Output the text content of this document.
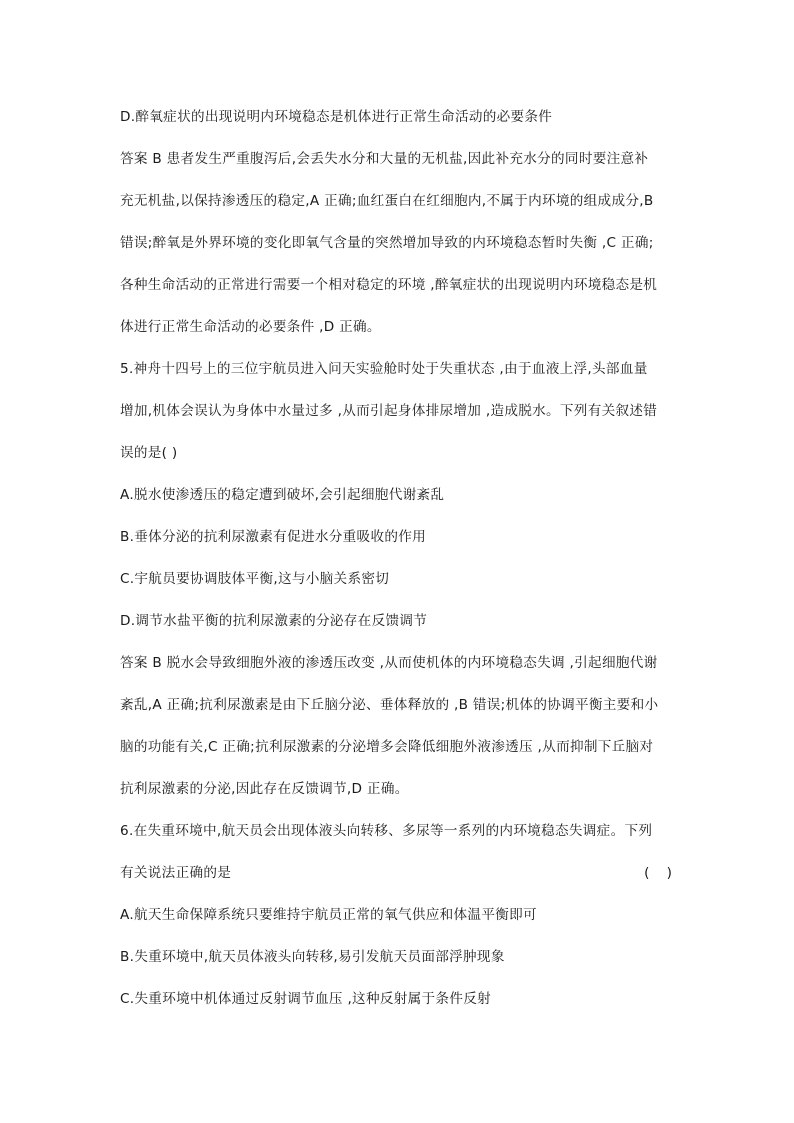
D.醉氧症状的出现说明内环境稳态是机体进行正常生命活动的必要条件
答案 B 患者发生严重腹泻后,会丢失水分和大量的无机盐,因此补充水分的同时要注意补
充无机盐,以保持渗透压的稳定,A 正确;血红蛋白在红细胞内,不属于内环境的组成成分,B
错误;醉氧是外界环境的变化即氧气含量的突然增加导致的内环境稳态暂时失衡 ,C 正确;
各种生命活动的正常进行需要一个相对稳定的环境 ,醉氧症状的出现说明内环境稳态是机
体进行正常生命活动的必要条件 ,D 正确。
5.神舟十四号上的三位宇航员进入问天实验舱时处于失重状态 ,由于血液上浮,头部血量
增加,机体会误认为身体中水量过多 ,从而引起身体排尿增加 ,造成脱水。下列有关叙述错
误的是( )
A.脱水使渗透压的稳定遭到破坏,会引起细胞代谢紊乱
B.垂体分泌的抗利尿激素有促进水分重吸收的作用
C.宇航员要协调肢体平衡,这与小脑关系密切
D.调节水盐平衡的抗利尿激素的分泌存在反馈调节
答案 B 脱水会导致细胞外液的渗透压改变 ,从而使机体的内环境稳态失调 ,引起细胞代谢
紊乱,A 正确;抗利尿激素是由下丘脑分泌、垂体释放的 ,B 错误;机体的协调平衡主要和小
脑的功能有关,C 正确;抗利尿激素的分泌增多会降低细胞外液渗透压 ,从而抑制下丘脑对
抗利尿激素的分泌,因此存在反馈调节,D 正确。
6.在失重环境中,航天员会出现体液头向转移、多尿等一系列的内环境稳态失调症。下列
有关说法正确的是	(    )
A.航天生命保障系统只要维持宇航员正常的氧气供应和体温平衡即可
B.失重环境中,航天员体液头向转移,易引发航天员面部浮肿现象
C.失重环境中机体通过反射调节血压 ,这种反射属于条件反射
